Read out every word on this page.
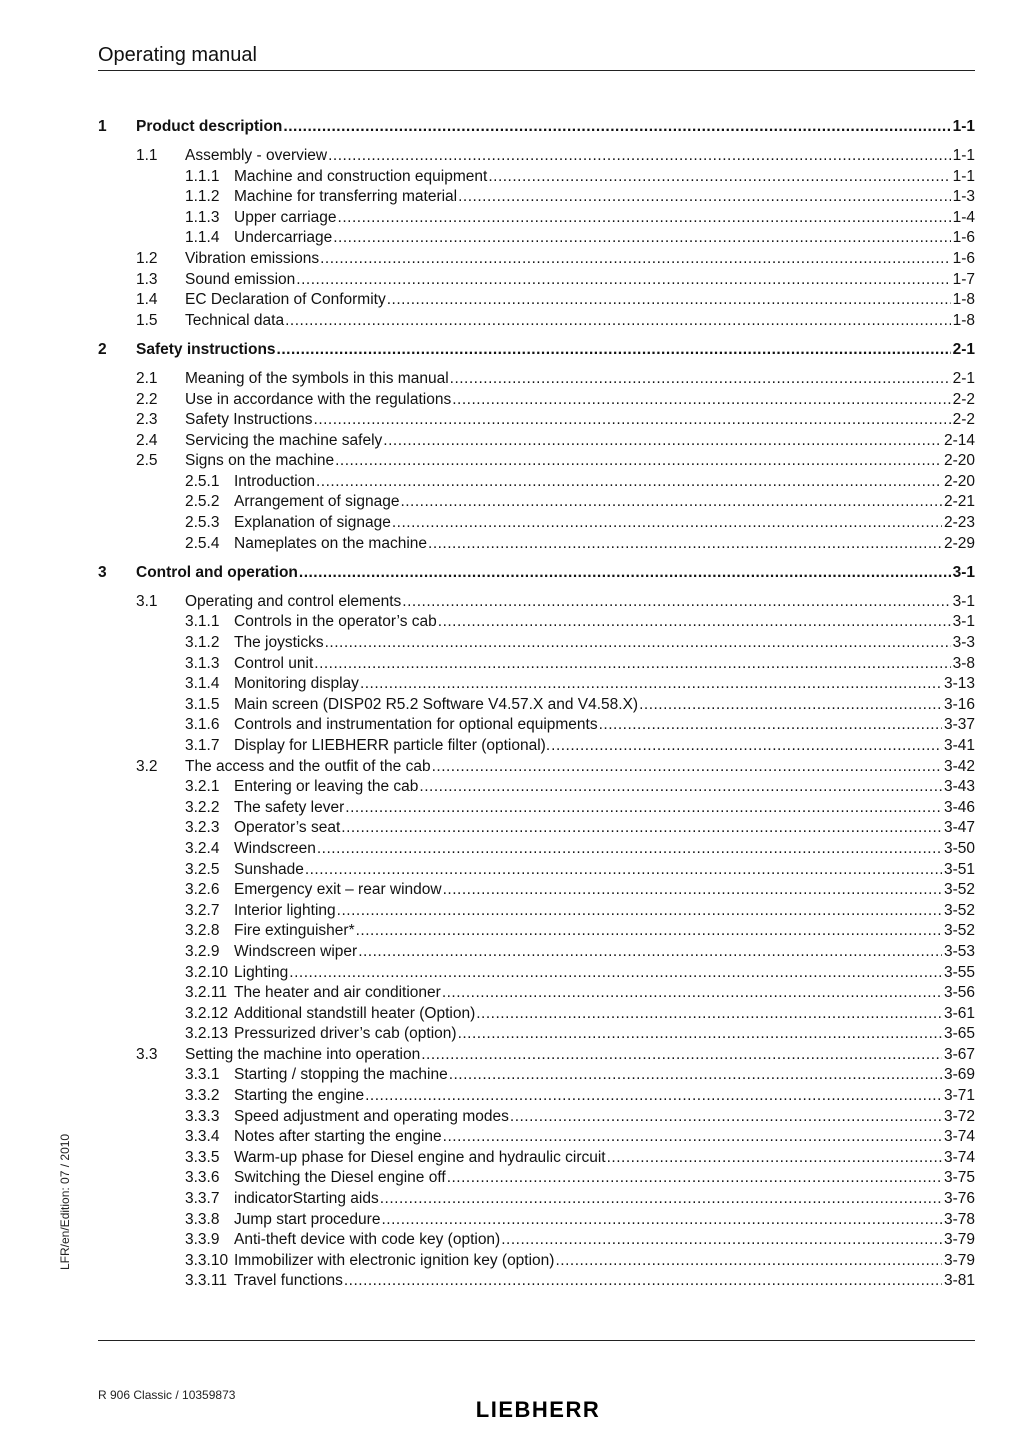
Operating manual
1 Product description .....	1-1
1.1 Assembly - overview .....	1-1
1.1.1 Machine and construction equipment .....	1-1
1.1.2 Machine for transferring material .....	1-3
1.1.3 Upper carriage .....	1-4
1.1.4 Undercarriage .....	1-6
1.2 Vibration emissions .....	1-6
1.3 Sound emission .....	1-7
1.4 EC Declaration of Conformity .....	1-8
1.5 Technical data .....	1-8
2 Safety instructions .....	2-1
2.1 Meaning of the symbols in this manual .....	2-1
2.2 Use in accordance with the regulations .....	2-2
2.3 Safety Instructions .....	2-2
2.4 Servicing the machine safely .....	2-14
2.5 Signs on the machine .....	2-20
2.5.1 Introduction .....	2-20
2.5.2 Arrangement of signage .....	2-21
2.5.3 Explanation of signage .....	2-23
2.5.4 Nameplates on the machine .....	2-29
3 Control and operation .....	3-1
3.1 Operating and control elements .....	3-1
3.1.1 Controls in the operator’s cab .....	3-1
3.1.2 The joysticks .....	3-3
3.1.3 Control unit .....	3-8
3.1.4 Monitoring display .....	3-13
3.1.5 Main screen (DISP02 R5.2 Software V4.57.X and V4.58.X) .....	3-16
3.1.6 Controls and instrumentation for optional equipments .....	3-37
3.1.7 Display for LIEBHERR particle filter (optional). .....	3-41
3.2 The access and the outfit of the cab .....	3-42
3.2.1 Entering or leaving the cab .....	3-43
3.2.2 The safety lever .....	3-46
3.2.3 Operator’s seat .....	3-47
3.2.4 Windscreen .....	3-50
3.2.5 Sunshade .....	3-51
3.2.6 Emergency exit – rear window .....	3-52
3.2.7 Interior lighting .....	3-52
3.2.8 Fire extinguisher* .....	3-52
3.2.9 Windscreen wiper .....	3-53
3.2.10 Lighting .....	3-55
3.2.11 The heater and air conditioner .....	3-56
3.2.12 Additional standstill heater (Option) .....	3-61
3.2.13 Pressurized driver’s cab (option) .....	3-65
3.3 Setting the machine into operation .....	3-67
3.3.1 Starting / stopping the machine .....	3-69
3.3.2 Starting the engine .....	3-71
3.3.3 Speed adjustment and operating modes .....	3-72
3.3.4 Notes after starting the engine .....	3-74
3.3.5 Warm-up phase for Diesel engine and hydraulic circuit .....	3-74
3.3.6 Switching the Diesel engine off .....	3-75
3.3.7 indicatorStarting aids .....	3-76
3.3.8 Jump start procedure .....	3-78
3.3.9 Anti-theft device with code key (option) .....	3-79
3.3.10 Immobilizer with electronic ignition key (option) .....	3-79
3.3.11 Travel functions .....	3-81
LFR/en/Edition: 07 / 2010
R 906 Classic / 10359873
LIEBHERR
